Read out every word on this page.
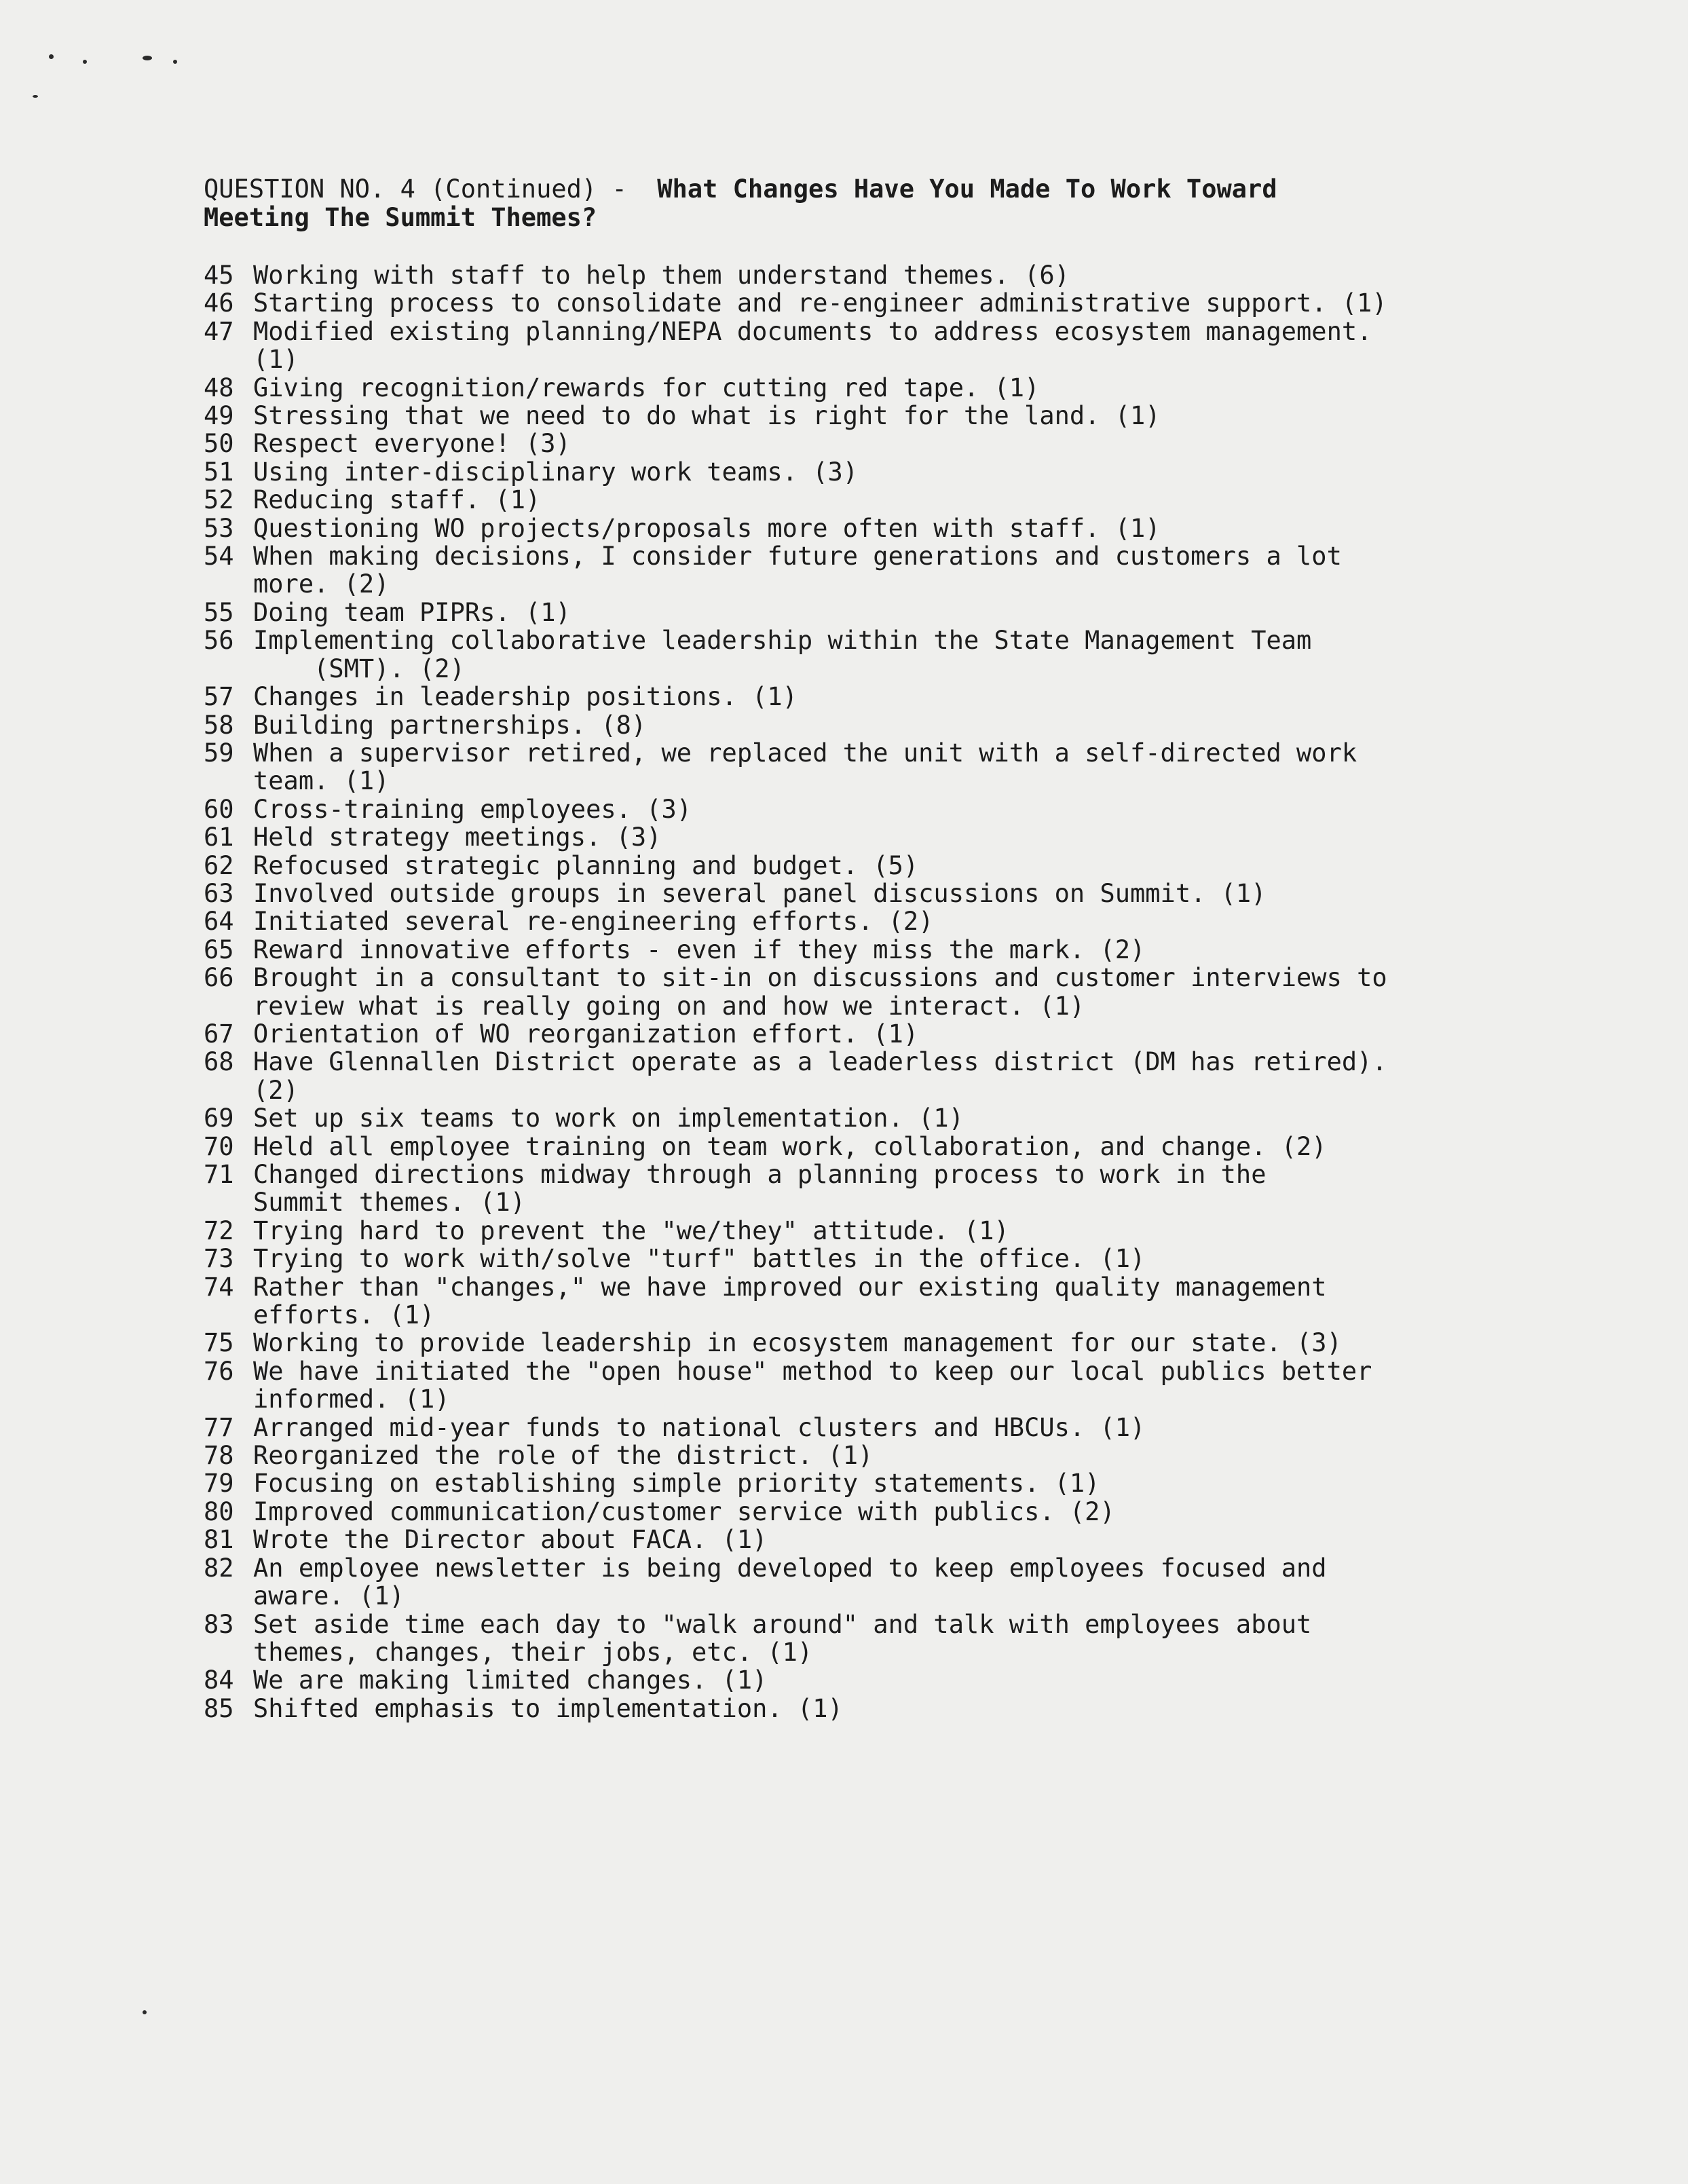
QUESTION NO. 4 (Continued) -  What Changes Have You Made To Work Toward
Meeting The Summit Themes?
45 Working with staff to help them understand themes. (6)
46 Starting process to consolidate and re-engineer administrative support. (1)
47 Modified existing planning/NEPA documents to address ecosystem management.
(1)
48 Giving recognition/rewards for cutting red tape. (1)
49 Stressing that we need to do what is right for the land. (1)
50 Respect everyone! (3)
51 Using inter-disciplinary work teams. (3)
52 Reducing staff. (1)
53 Questioning WO projects/proposals more often with staff. (1)
54 When making decisions, I consider future generations and customers a lot
more. (2)
55 Doing team PIPRs. (1)
56 Implementing collaborative leadership within the State Management Team
(SMT). (2)
57 Changes in leadership positions. (1)
58 Building partnerships. (8)
59 When a supervisor retired, we replaced the unit with a self-directed work
team. (1)
60 Cross-training employees. (3)
61 Held strategy meetings. (3)
62 Refocused strategic planning and budget. (5)
63 Involved outside groups in several panel discussions on Summit. (1)
64 Initiated several re-engineering efforts. (2)
65 Reward innovative efforts - even if they miss the mark. (2)
66 Brought in a consultant to sit-in on discussions and customer interviews to
review what is really going on and how we interact. (1)
67 Orientation of WO reorganization effort. (1)
68 Have Glennallen District operate as a leaderless district (DM has retired).
(2)
69 Set up six teams to work on implementation. (1)
70 Held all employee training on team work, collaboration, and change. (2)
71 Changed directions midway through a planning process to work in the
Summit themes. (1)
72 Trying hard to prevent the "we/they" attitude. (1)
73 Trying to work with/solve "turf" battles in the office. (1)
74 Rather than "changes," we have improved our existing quality management
efforts. (1)
75 Working to provide leadership in ecosystem management for our state. (3)
76 We have initiated the "open house" method to keep our local publics better
informed. (1)
77 Arranged mid-year funds to national clusters and HBCUs. (1)
78 Reorganized the role of the district. (1)
79 Focusing on establishing simple priority statements. (1)
80 Improved communication/customer service with publics. (2)
81 Wrote the Director about FACA. (1)
82 An employee newsletter is being developed to keep employees focused and
aware. (1)
83 Set aside time each day to "walk around" and talk with employees about
themes, changes, their jobs, etc. (1)
84 We are making limited changes. (1)
85 Shifted emphasis to implementation. (1)
